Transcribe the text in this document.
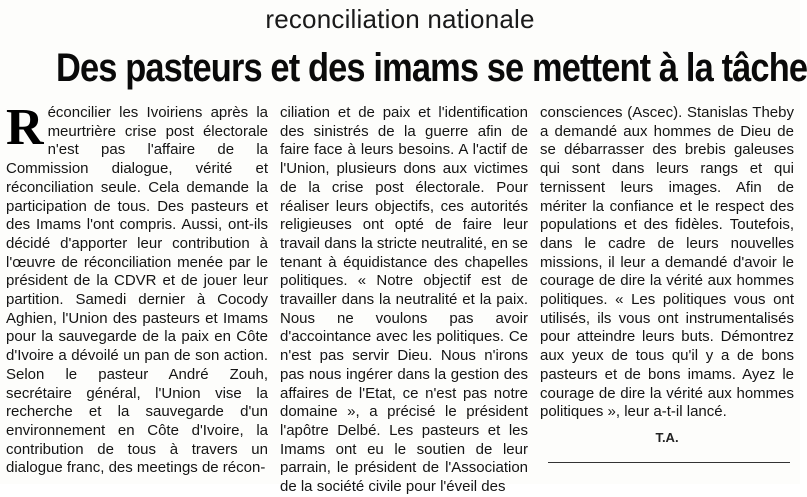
reconciliation nationale
Des pasteurs et des imams se mettent à la tâche
R éconcilier les Ivoiriens après la meurtrière crise post électorale n'est pas l'affaire de la Commission dialogue, vérité et réconciliation seule. Cela demande la participation de tous. Des pasteurs et des Imams l'ont compris. Aussi, ont-ils décidé d'apporter leur contribution à l'œuvre de réconciliation menée par le président de la CDVR et de jouer leur partition. Samedi dernier à Cocody Aghien, l'Union des pasteurs et Imams pour la sauvegarde de la paix en Côte d'Ivoire a dévoilé un pan de son action. Selon le pasteur André Zouh, secrétaire général, l'Union vise la recherche et la sauvegarde d'un environnement en Côte d'Ivoire, la contribution de tous à travers un dialogue franc, des meetings de récon-

ciliation et de paix et l'identification des sinistrés de la guerre afin de faire face à leurs besoins. A l'actif de l'Union, plusieurs dons aux victimes de la crise post électorale. Pour réaliser leurs objectifs, ces autorités religieuses ont opté de faire leur travail dans la stricte neutralité, en se tenant à équidistance des chapelles politiques. « Notre objectif est de travailler dans la neutralité et la paix. Nous ne voulons pas avoir d'accointance avec les politiques. Ce n'est pas servir Dieu. Nous n'irons pas nous ingérer dans la gestion des affaires de l'Etat, ce n'est pas notre domaine », a précisé le président l'apôtre Delbé. Les pasteurs et les Imams ont eu le soutien de leur parrain, le président de l'Association de la société civile pour l'éveil des

consciences (Ascec). Stanislas Theby a demandé aux hommes de Dieu de se débarrasser des brebis galeuses qui sont dans leurs rangs et qui ternissent leurs images. Afin de mériter la confiance et le respect des populations et des fidèles. Toutefois, dans le cadre de leurs nouvelles missions, il leur a demandé d'avoir le courage de dire la vérité aux hommes politiques. « Les politiques vous ont utilisés, ils vous ont instrumentalisés pour atteindre leurs buts. Démontrez aux yeux de tous qu'il y a de bons pasteurs et de bons imams. Ayez le courage de dire la vérité aux hommes politiques », leur a-t-il lancé.

T.A.
